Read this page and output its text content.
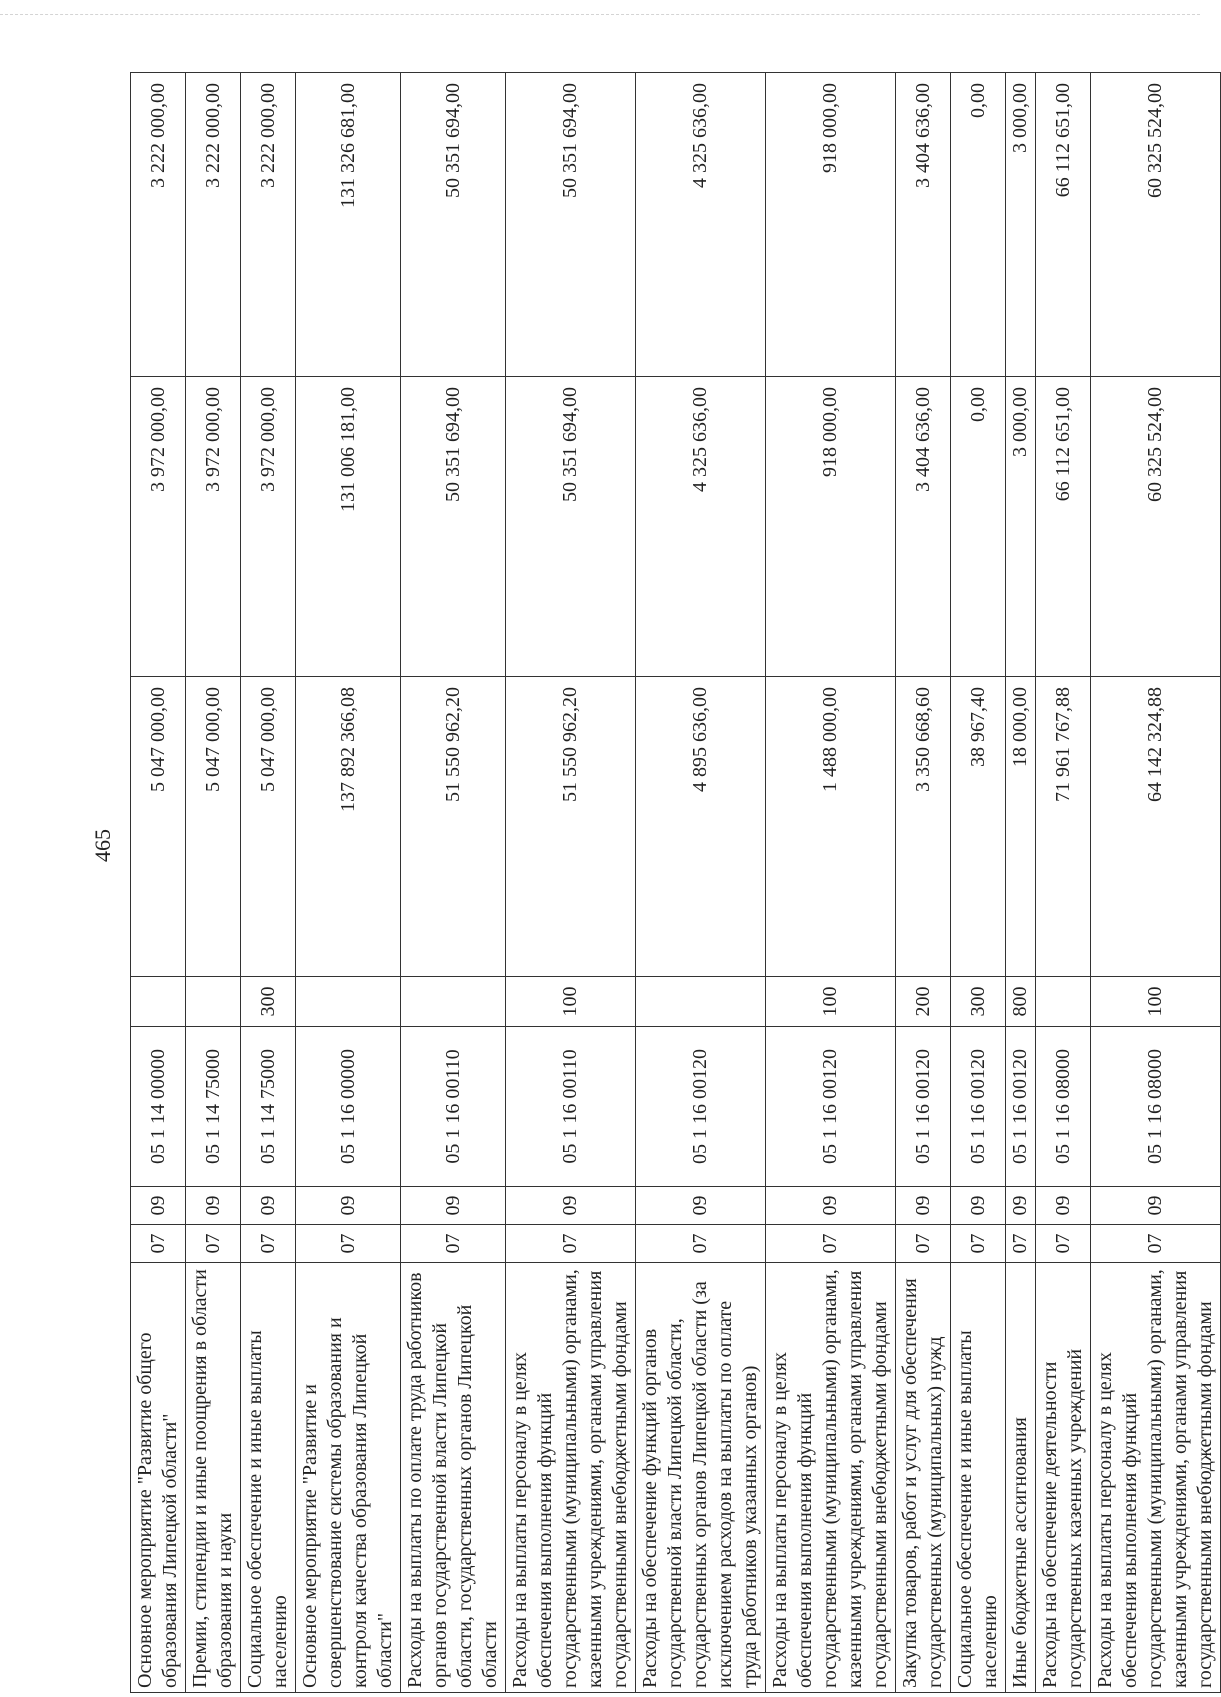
465
Основное мероприятие "Развитие общего образования Липецкой области"	07	09	05 1 14 00000		5 047 000,00	3 972 000,00	3 222 000,00
Премии, стипендии и иные поощрения в области образования и науки	07	09	05 1 14 75000		5 047 000,00	3 972 000,00	3 222 000,00
Социальное обеспечение и иные выплаты населению	07	09	05 1 14 75000	300	5 047 000,00	3 972 000,00	3 222 000,00
Основное мероприятие "Развитие и совершенствование системы образования и контроля качества образования Липецкой области"	07	09	05 1 16 00000		137 892 366,08	131 006 181,00	131 326 681,00
Расходы на выплаты по оплате труда работников органов государственной власти Липецкой области, государственных органов Липецкой области	07	09	05 1 16 00110		51 550 962,20	50 351 694,00	50 351 694,00
Расходы на выплаты персоналу в целях обеспечения выполнения функций государственными (муниципальными) органами, казенными учреждениями, органами управления государственными внебюджетными фондами	07	09	05 1 16 00110	100	51 550 962,20	50 351 694,00	50 351 694,00
Расходы на обеспечение функций органов государственной власти Липецкой области, государственных органов Липецкой области (за исключением расходов на выплаты по оплате труда работников указанных органов)	07	09	05 1 16 00120		4 895 636,00	4 325 636,00	4 325 636,00
Расходы на выплаты персоналу в целях обеспечения выполнения функций государственными (муниципальными) органами, казенными учреждениями, органами управления государственными внебюджетными фондами	07	09	05 1 16 00120	100	1 488 000,00	918 000,00	918 000,00
Закупка товаров, работ и услуг для обеспечения государственных (муниципальных) нужд	07	09	05 1 16 00120	200	3 350 668,60	3 404 636,00	3 404 636,00
Социальное обеспечение и иные выплаты населению	07	09	05 1 16 00120	300	38 967,40	0,00	0,00
Иные бюджетные ассигнования	07	09	05 1 16 00120	800	18 000,00	3 000,00	3 000,00
Расходы на обеспечение деятельности государственных казенных учреждений	07	09	05 1 16 08000		71 961 767,88	66 112 651,00	66 112 651,00
Расходы на выплаты персоналу в целях обеспечения выполнения функций государственными (муниципальными) органами, казенными учреждениями, органами управления государственными внебюджетными фондами	07	09	05 1 16 08000	100	64 142 324,88	60 325 524,00	60 325 524,00
